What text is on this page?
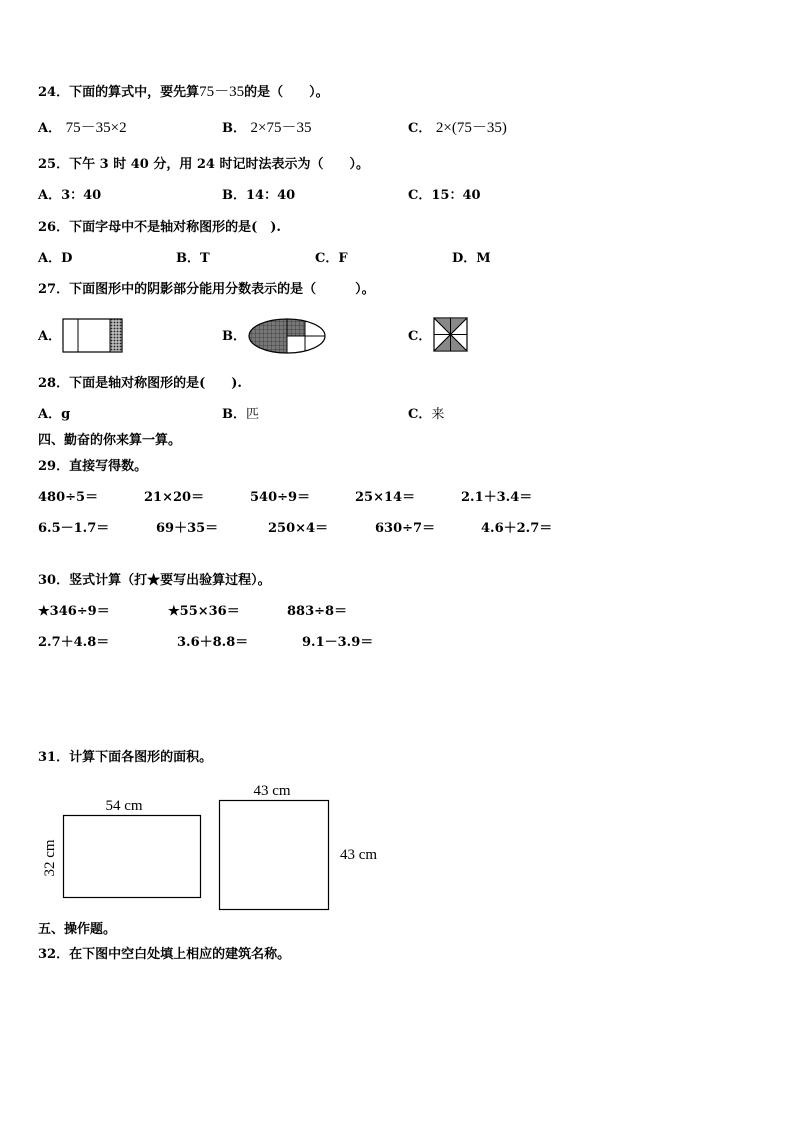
24．下面的算式中，要先算75－35的是（　　）。
A． 75－35×2	B． 2×75－35	C． 2×(75－35)
25．下午 3 时 40 分，用 24 时记时法表示为（　　）。
A．3：40	B．14：40	C．15：40
26．下面字母中不是轴对称图形的是(　).
A．D	B．T	C．F	D．M
27．下面图形中的阴影部分能用分数表示的是（　　　）。
A．	B．	C．
28．下面是轴对称图形的是(　　).
A．g	B．匹	C．来
四、勤奋的你来算一算。
29．直接写得数。
480÷5＝	21×20＝	540÷9＝	25×14＝	2.1＋3.4＝
6.5－1.7＝	69＋35＝	250×4＝	630÷7＝	4.6＋2.7＝
30．竖式计算（打★要写出验算过程）。
★346÷9＝	★55×36＝	883÷8＝
2.7＋4.8＝	3.6＋8.8＝	9.1－3.9＝
31．计算下面各图形的面积。
54 cm
32 cm
43 cm
43 cm
五、操作题。
32．在下图中空白处填上相应的建筑名称。
